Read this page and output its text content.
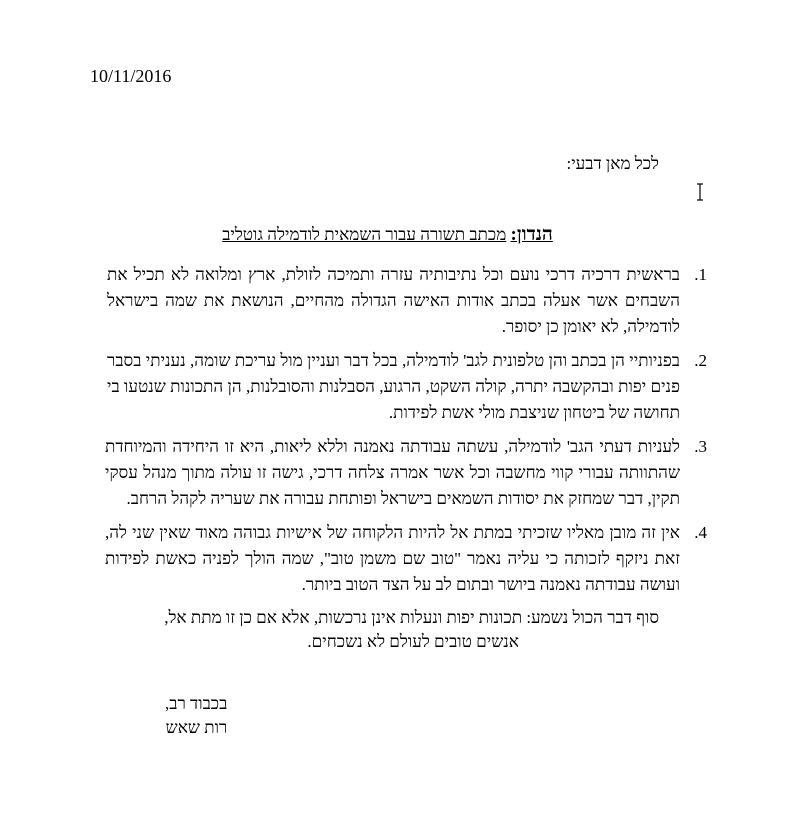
10/11/2016
לכל מאן דבעי:
הנדון: מכתב תשורה עבור השמאית לודמילה גוטליב
1.
בראשית דרכיה דרכי נועם וכל נתיבותיה עזרה ותמיכה לזולת, ארץ ומלואה לא תכיל את השבחים אשר אעלה בכתב אודות האישה הגדולה מהחיים, הנושאת את שמה בישראל לודמילה, לא יאומן כן יסופר.
2.
בפניותיי הן בכתב והן טלפונית לגב' לודמילה, בכל דבר ועניין מול עריכת שומה, נעניתי בסבר פנים יפות ובהקשבה יתרה, קולה השקט, הרגוע, הסבלנות והסובלנות, הן התכונות שנטעו בי תחושה של ביטחון שניצבת מולי אשת לפידות.
3.
לעניות דעתי הגב' לודמילה, עשתה עבודתה נאמנה וללא ליאות, היא זו היחידה והמיוחדת שהתוותה עבורי קווי מחשבה וכל אשר אמרה צלחה דרכי, גישה זו עולה מתוך מנהל עסקי תקין, דבר שמחזק את יסודות השמאים בישראל ופותחת עבורה את שעריה לקהל הרחב.
4.
אין זה מובן מאליו שזכיתי במתת אל להיות הלקוחה של אישיות גבוהה מאוד שאין שני לה, זאת ניזקף לזכותה כי עליה נאמר "טוב שם משמן טוב", שמה הולך לפניה כאשת לפידות ועושה עבודתה נאמנה ביושר ובתום לב על הצד הטוב ביותר.
סוף דבר הכול נשמע: תכונות יפות ונעלות אינן נרכשות, אלא אם כן זו מתת אל,
אנשים טובים לעולם לא נשכחים.
בכבוד רב,
רות שאש
